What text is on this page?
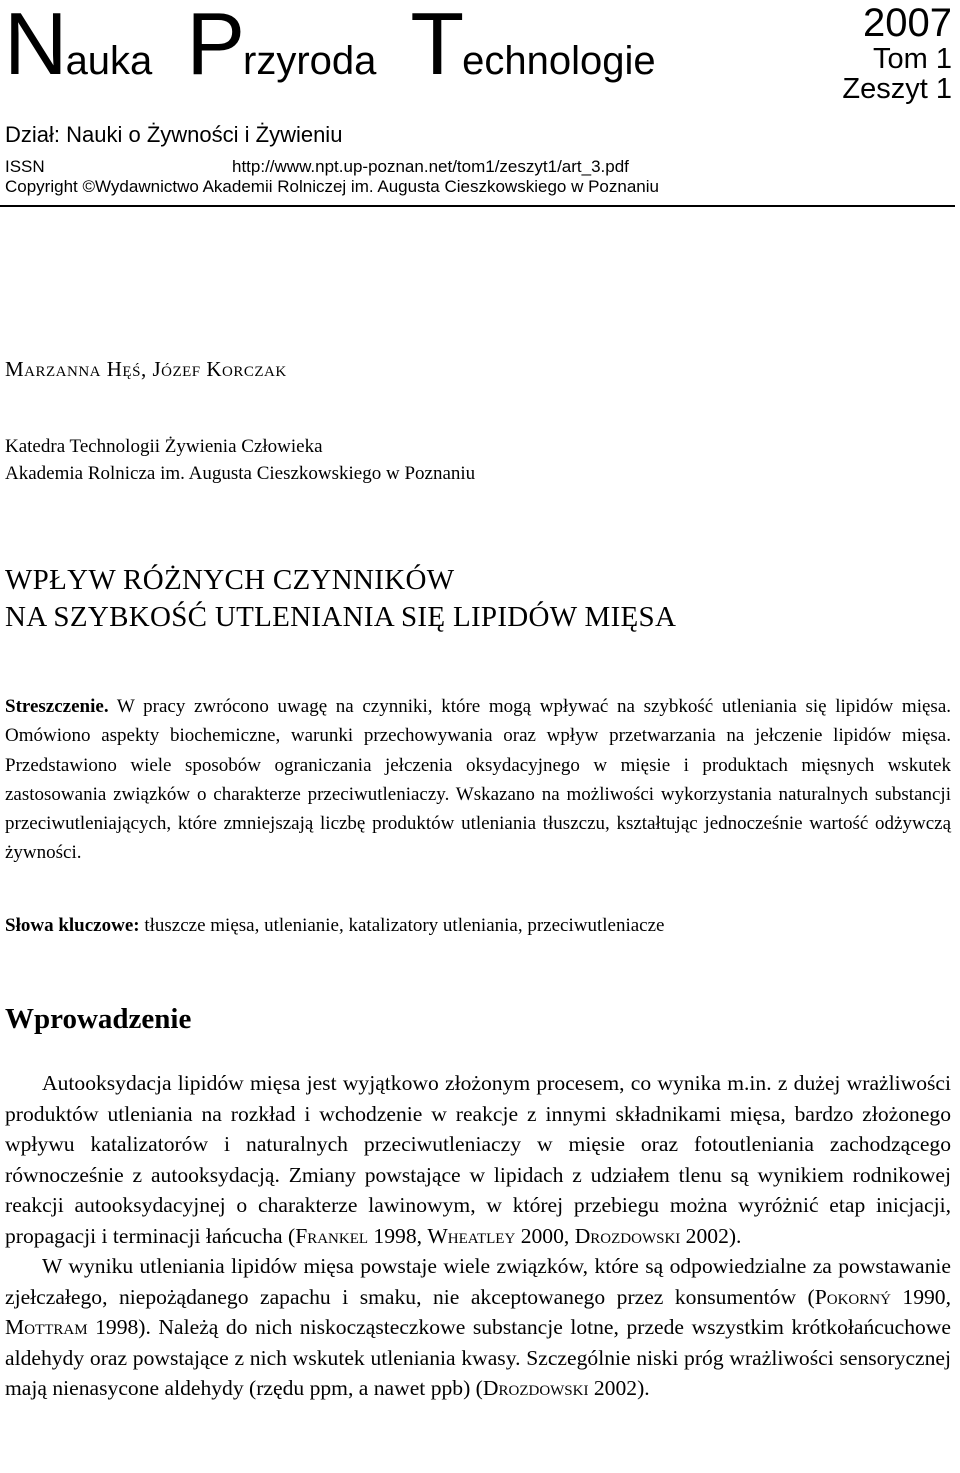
Nauka Przyroda Technologie
2007
Tom 1
Zeszyt 1
Dział: Nauki o Żywności i Żywieniu
ISSN	http://www.npt.up-poznan.net/tom1/zeszyt1/art_3.pdf
Copyright ©Wydawnictwo Akademii Rolniczej im. Augusta Cieszkowskiego w Poznaniu
Marzanna Hęś, Józef Korczak
Katedra Technologii Żywienia Człowieka
Akademia Rolnicza im. Augusta Cieszkowskiego w Poznaniu
WPŁYW RÓŻNYCH CZYNNIKÓW
NA SZYBKOŚĆ UTLENIANIA SIĘ LIPIDÓW MIĘSA
Streszczenie. W pracy zwrócono uwagę na czynniki, które mogą wpływać na szybkość utleniania się lipidów mięsa. Omówiono aspekty biochemiczne, warunki przechowywania oraz wpływ przetwarzania na jełczenie lipidów mięsa. Przedstawiono wiele sposobów ograniczania jełczenia oksydacyjnego w mięsie i produktach mięsnych wskutek zastosowania związków o charakterze przeciwutleniaczy. Wskazano na możliwości wykorzystania naturalnych substancji przeciwutleniających, które zmniejszają liczbę produktów utleniania tłuszczu, kształtując jednocześnie wartość odżywczą żywności.
Słowa kluczowe: tłuszcze mięsa, utlenianie, katalizatory utleniania, przeciwutleniacze
Wprowadzenie

Autooksydacja lipidów mięsa jest wyjątkowo złożonym procesem, co wynika m.in. z dużej wrażliwości produktów utleniania na rozkład i wchodzenie w reakcje z innymi składnikami mięsa, bardzo złożonego wpływu katalizatorów i naturalnych przeciwutleniaczy w mięsie oraz fotoutleniania zachodzącego równocześnie z autooksydacją. Zmiany powstające w lipidach z udziałem tlenu są wynikiem rodnikowej reakcji autooksydacyjnej o charakterze lawinowym, w której przebiegu można wyróżnić etap inicjacji, propagacji i terminacji łańcucha (Frankel 1998, Wheatley 2000, Drozdowski 2002).

W wyniku utleniania lipidów mięsa powstaje wiele związków, które są odpowiedzialne za powstawanie zjełczałego, niepożądanego zapachu i smaku, nie akceptowanego przez konsumentów (Pokorný 1990, Mottram 1998). Należą do nich niskocząsteczkowe substancje lotne, przede wszystkim krótkołańcuchowe aldehydy oraz powstające z nich wskutek utleniania kwasy. Szczególnie niski próg wrażliwości sensorycznej mają nienasycone aldehydy (rzędu ppm, a nawet ppb) (Drozdowski 2002).
